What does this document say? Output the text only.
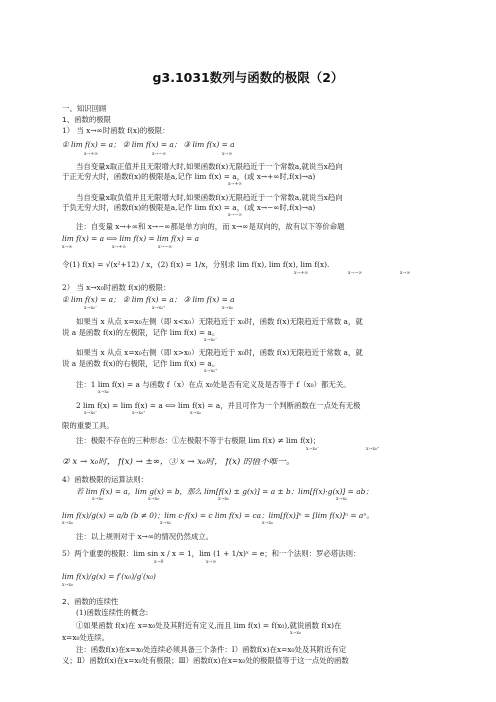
g3.1031数列与函数的极限（2）
一、知识回顾
1、函数的极限
1） 当 x→∞时函数 f(x)的极限：
① lim f(x) = a； ② lim f(x) = a； ③ lim f(x) = a
x→+∞	x→−∞	x→∞
当自变量x取正值并且无限增大时,如果函数f(x)无限趋近于一个常数a,就说当x趋向
于正无穷大时，函数f(x)的极限是a,记作 lim f(x) = a，(或 x→+∞时,f(x)→a)
x→+∞
当自变量x取负值并且无限增大时,如果函数f(x)无限趋近于一个常数a,就说当x趋向
于负无穷大时，函数f(x)的极限是a,记作 lim f(x) = a，(或 x→−∞时,f(x)→a)
x→−∞
注：自变量 x→+∞和 x→−∞都是单方向的，而 x→∞是双向的，故有以下等价命题
lim f(x) = a ⟺ lim f(x) = lim f(x) = a
x→∞	x→+∞	x→−∞
令(1) f(x) = √(x²+12) / x，(2) f(x) = 1/x，分别求 lim f(x), lim f(x), lim f(x).
x→+∞	x→−∞	x→∞
2） 当 x→x₀时函数 f(x)的极限：
① lim f(x) = a； ② lim f(x) = a； ③ lim f(x) = a
x→x₀⁻	x→x₀⁺	x→x₀
如果当 x 从点 x=x₀左侧（即 x<x₀）无限趋近于 x₀时，函数 f(x)无限趋近于常数 a，就
说 a 是函数 f(x)的左极限，记作 lim f(x) = a。
x→x₀⁻
如果当 x 从点 x=x₀右侧（即 x>x₀）无限趋近于 x₀时，函数 f(x)无限趋近于常数 a，就
说 a 是函数 f(x)的右极限，记作 lim f(x) = a。
x→x₀⁺
注：1 lim f(x) = a 与函数 f（x）在点 x₀处是否有定义及是否等于 f（x₀）都无关。
x→x₀
2 lim f(x) = lim f(x) = a ⟺ lim f(x) = a，并且可作为一个判断函数在一点处有无极
x→x₀⁻	x→x₀⁺	x→x₀
限的重要工具。
注：极限不存在的三种形态：①左极限不等于右极限 lim f(x) ≠ lim f(x)；
x→x₀⁻	x→x₀⁺
② x → x₀时， f(x) → ±∞，③ x → x₀时， f(x) 的值不唯一。
4）函数极限的运算法则：
若 lim f(x) = a，lim g(x) = b，那么 lim[f(x) ± g(x)] = a ± b；lim[f(x)·g(x)] = ab；
x→x₀	x→x₀	x→x₀	x→x₀
lim f(x)/g(x) = a/b (b ≠ 0)；lim c·f(x) = c lim f(x) = ca；lim[f(x)]ⁿ = [lim f(x)]ⁿ = aⁿ。
x→x₀	x→x₀	x→x₀
注：以上规则对于 x→∞的情况仍然成立。
5）两个重要的极限：lim sin x / x = 1，lim (1 + 1/x)ˣ = e；和一个法则：罗必塔法则：
x→0	x→∞
lim f(x)/g(x) = f′(x₀)/g′(x₀)
x→x₀
2、函数的连续性
(1)函数连续性的概念:
①如果函数 f(x)在 x=x₀处及其附近有定义,而且 lim f(x) = f(x₀),就说函数 f(x)在
x→x₀
x=x₀处连续。
注：函数f(x)在x=x₀处连续必须具备三个条件：Ⅰ）函数f(x)在x=x₀处及其附近有定
义；Ⅱ）函数f(x)在x=x₀处有极限；Ⅲ）函数f(x)在x=x₀处的极限值等于这一点处的函数
